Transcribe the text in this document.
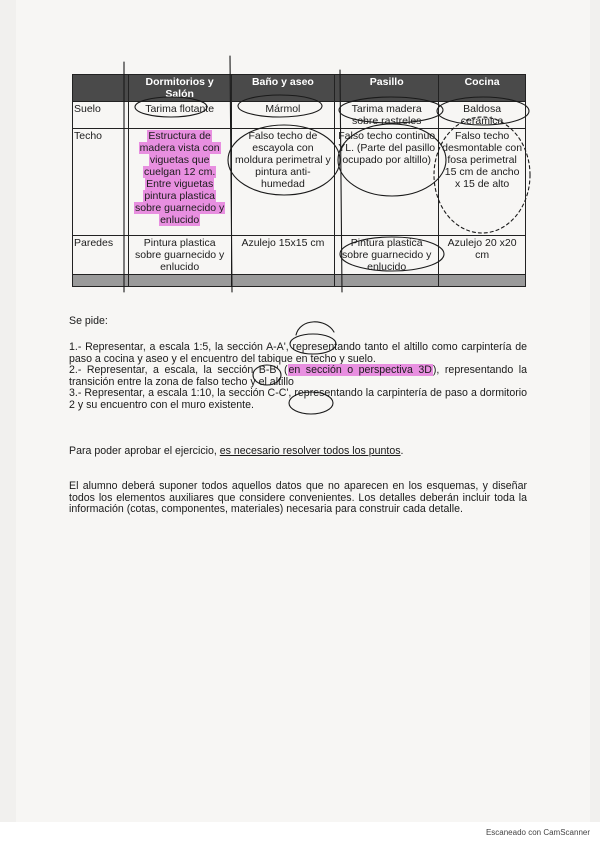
	Dormitorios y Salón	Baño y aseo	Pasillo	Cocina
Suelo	Tarima flotante	Mármol	Tarima madera sobre rastreles	Baldosa cerámica
Techo	Estructura de madera vista con viguetas que cuelgan 12 cm. Entre viguetas pintura plastica sobre guarnecido y enlucido	Falso techo de escayola con moldura perimetral y pintura anti-humedad	Falso techo continuo YL. (Parte del pasillo ocupado por altillo)	Falso techo desmontable con fosa perimetral 15 cm de ancho x 15 de alto
Paredes	Pintura plastica sobre guarnecido y enlucido	Azulejo 15x15 cm	Pintura plastica sobre guarnecido y enlucido	Azulejo 20 x20 cm

Se pide:

1.- Representar, a escala 1:5, la sección A-A', representando tanto el altillo como carpintería de paso a cocina y aseo y el encuentro del tabique en techo y suelo.

2.- Representar, a escala, la sección B-B' (en sección o perspectiva 3D), representando la transición entre la zona de falso techo y el altillo

3.- Representar, a escala 1:10, la sección C-C', representando la carpintería de paso a dormitorio 2 y su encuentro con el muro existente.

Para poder aprobar el ejercicio, es necesario resolver todos los puntos.
El alumno deberá suponer todos aquellos datos que no aparecen en los esquemas, y diseñar todos los elementos auxiliares que considere convenientes. Los detalles deberán incluir toda la información (cotas, componentes, materiales) necesaria para construir cada detalle.
Escaneado con CamScanner
